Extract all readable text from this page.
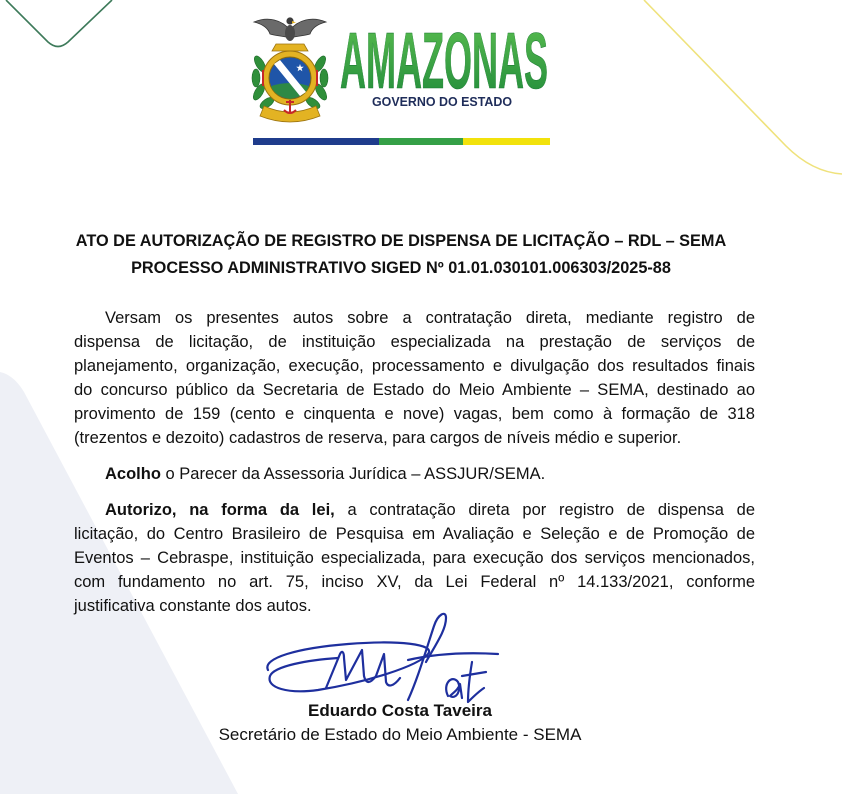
AMAZONAS
GOVERNO DO ESTADO
ATO DE AUTORIZAÇÃO DE REGISTRO DE DISPENSA DE LICITAÇÃO – RDL – SEMA
PROCESSO ADMINISTRATIVO SIGED Nº 01.01.030101.006303/2025-88
Versam os presentes autos sobre a contratação direta, mediante registro de
dispensa de licitação, de instituição especializada na prestação de serviços de
planejamento, organização, execução, processamento e divulgação dos resultados finais
do concurso público da Secretaria de Estado do Meio Ambiente – SEMA, destinado ao
provimento de 159 (cento e cinquenta e nove) vagas, bem como à formação de 318
(trezentos e dezoito) cadastros de reserva, para cargos de níveis médio e superior.
Acolho o Parecer da Assessoria Jurídica – ASSJUR/SEMA.
Autorizo, na forma da lei, a contratação direta por registro de dispensa de
licitação, do Centro Brasileiro de Pesquisa em Avaliação e Seleção e de Promoção de
Eventos – Cebraspe, instituição especializada, para execução dos serviços mencionados,
com fundamento no art. 75, inciso XV, da Lei Federal nº 14.133/2021, conforme
justificativa constante dos autos.
Eduardo Costa Taveira
Secretário de Estado do Meio Ambiente - SEMA
